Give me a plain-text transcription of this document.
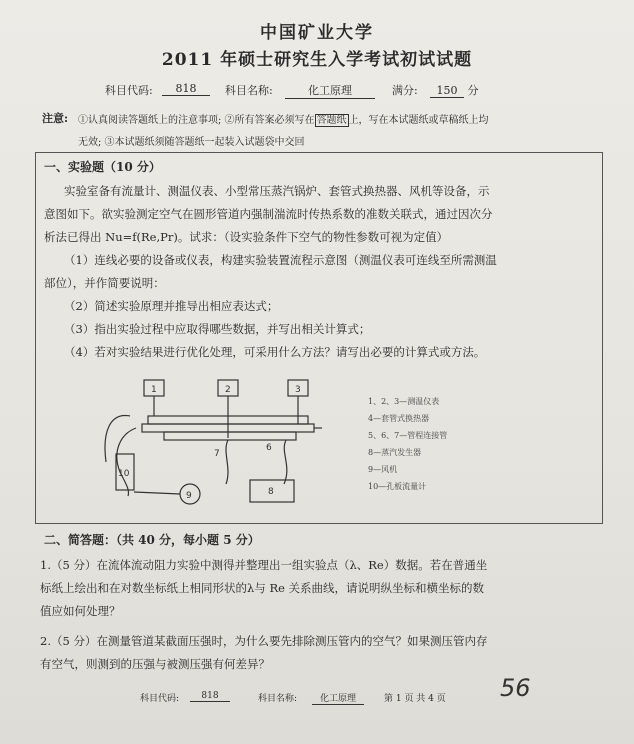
中国矿业大学
2011 年硕士研究生入学考试初试试题
科目代码:	818	科目名称:	化工原理	满分:	150 分
注意: ①认真阅读答题纸上的注意事项; ②所有答案必须写在 答题纸 上，写在本试题纸或草稿纸上均
无效; ③本试题纸须随答题纸一起装入试题袋中交回
一、实验题（10 分）
实验室备有流量计、测温仪表、小型常压蒸汽锅炉、套管式换热器、风机等设备，示
意图如下。欲实验测定空气在圆形管道内强制湍流时传热系数的准数关联式，通过因次分
析法已得出 Nu=f(Re,Pr)。试求：（设实验条件下空气的物性参数可视为定值）
（1）连线必要的设备或仪表，构建实验装置流程示意图（测温仪表可连线至所需测温
部位），并作简要说明：
（2）简述实验原理并推导出相应表达式；
（3）指出实验过程中应取得哪些数据，并写出相关计算式；
（4）若对实验结果进行优化处理，可采用什么方法？请写出必要的计算式或方法。
1	2	3
6
7
8
9
10
1、2、3—测温仪表
4—套管式换热器
5、6、7—管程连接管
8—蒸汽发生器
9—风机
10—孔板流量计
二、简答题：（共 40 分，每小题 5 分）
1.（5 分）在流体流动阻力实验中测得并整理出一组实验点（λ、Re）数据。若在普通坐
标纸上绘出和在对数坐标纸上相同形状的λ与 Re 关系曲线，请说明纵坐标和横坐标的数
值应如何处理？
2.（5 分）在测量管道某截面压强时，为什么要先排除测压管内的空气？如果测压管内存
有空气，则测到的压强与被测压强有何差异？
科目代码:	818	科目名称:	化工原理	第 1 页 共 4 页 56
